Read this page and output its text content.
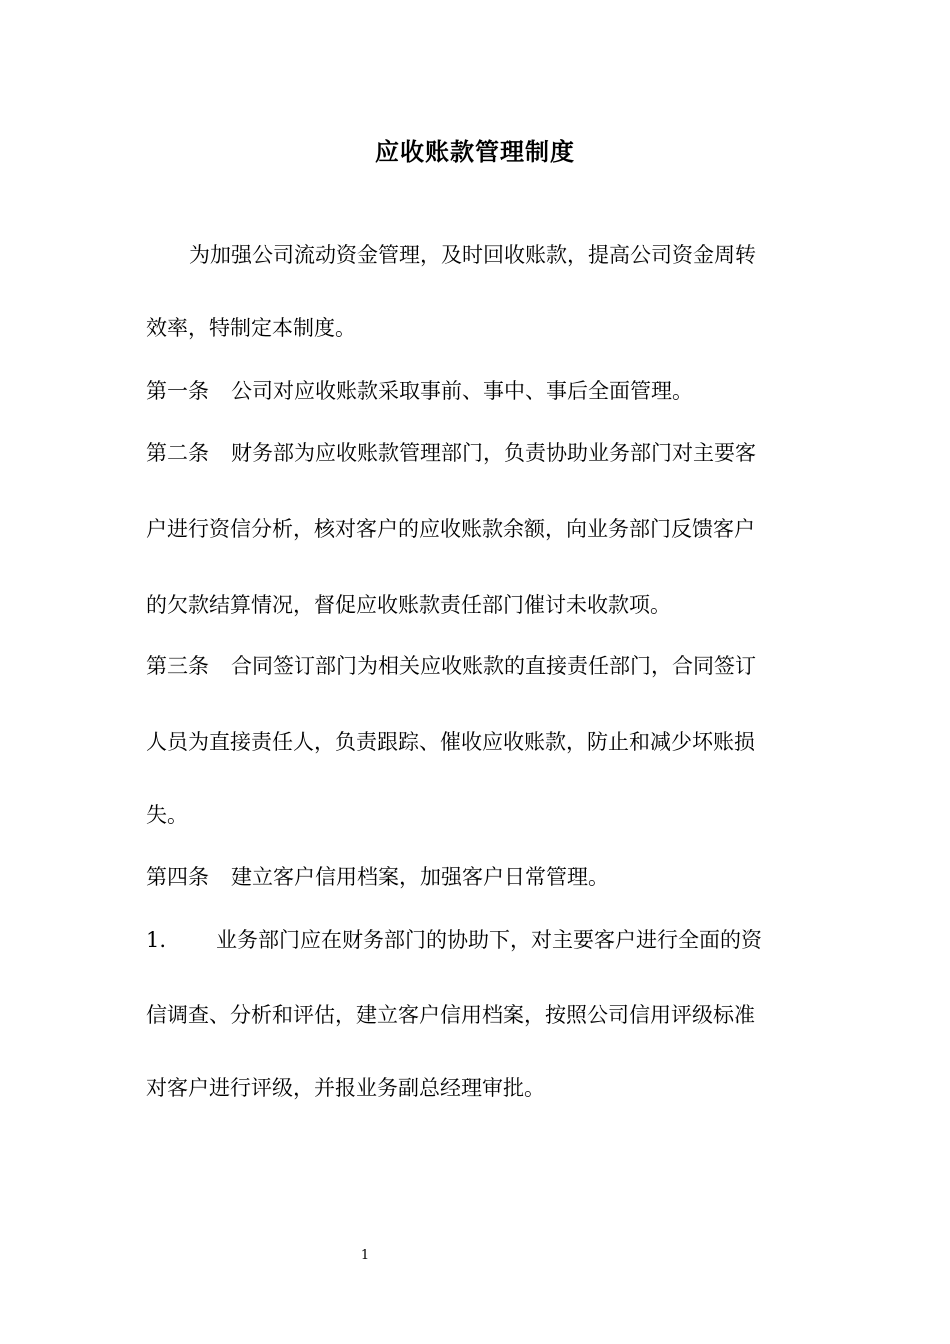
应收账款管理制度
为加强公司流动资金管理，及时回收账款，提高公司资金周转
效率，特制定本制度。
第一条 公司对应收账款采取事前、事中、事后全面管理。
第二条 财务部为应收账款管理部门，负责协助业务部门对主要客
户进行资信分析，核对客户的应收账款余额，向业务部门反馈客户
的欠款结算情况，督促应收账款责任部门催讨未收款项。
第三条 合同签订部门为相关应收账款的直接责任部门，合同签订
人员为直接责任人，负责跟踪、催收应收账款，防止和减少坏账损
失。
第四条 建立客户信用档案，加强客户日常管理。
1. 业务部门应在财务部门的协助下，对主要客户进行全面的资
信调查、分析和评估，建立客户信用档案，按照公司信用评级标准
对客户进行评级，并报业务副总经理审批。
1
